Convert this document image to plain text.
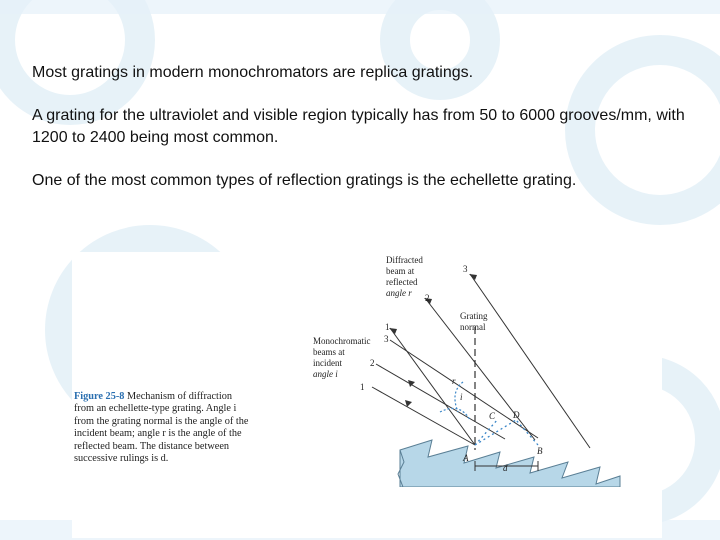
Most gratings in modern monochromators are replica gratings.

A grating for the ultraviolet and visible region typically has from 50 to 6000 grooves/mm, with 1200 to 2400 being most common.

One of the most common types of reflection gratings is the echellette grating.

Figure 25-8 Mechanism of diffraction from an echellette-type grating. Angle i from the grating normal is the angle of the incident beam; angle r is the angle of the reflected beam. The distance between successive rulings is d.
Diffracted
beam at
reflected
angle r
Grating
normal
Monochromatic
beams at
incident
angle i
A
B
C D
r
i
d
1
2
3
1
2
3
